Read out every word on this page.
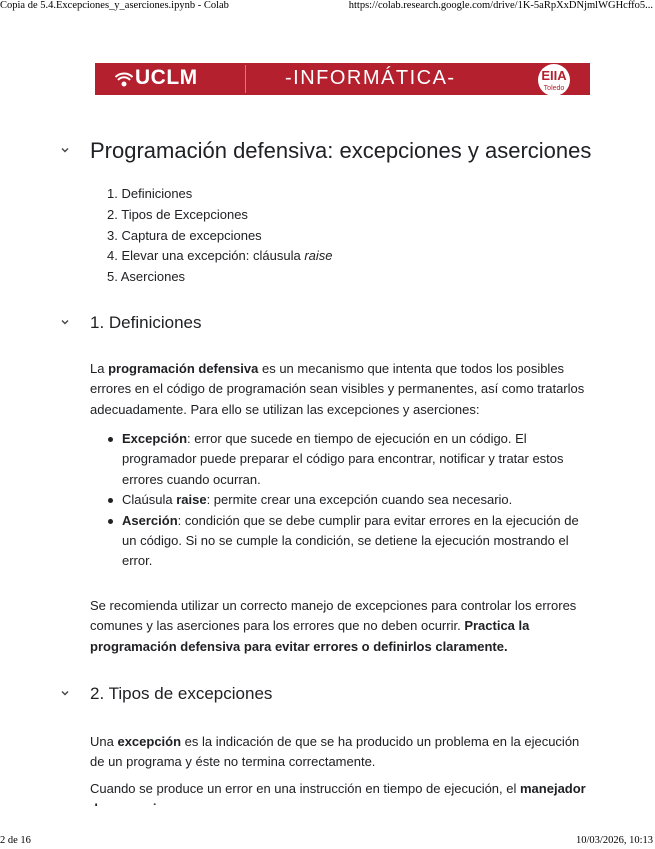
Copia de 5.4.Excepciones_y_aserciones.ipynb - Colab	https://colab.research.google.com/drive/1K-5aRpXxDNjmlWGHcffo5...
UCLM	-INFORMÁTICA-	EIIA
Toledo
Programación defensiva: excepciones y aserciones
1. Definiciones
2. Tipos de Excepciones
3. Captura de excepciones
4. Elevar una excepción: cláusula raise
5. Aserciones
1. Definiciones

La programación defensiva es un mecanismo que intenta que todos los posibles errores en el código de programación sean visibles y permanentes, así como tratarlos adecuadamente. Para ello se utilizan las excepciones y aserciones:

Excepción: error que sucede en tiempo de ejecución en un código. El programador puede preparar el código para encontrar, notificar y tratar estos errores cuando ocurran.
Claúsula raise: permite crear una excepción cuando sea necesario.
Aserción: condición que se debe cumplir para evitar errores en la ejecución de un código. Si no se cumple la condición, se detiene la ejecución mostrando el error.

Se recomienda utilizar un correcto manejo de excepciones para controlar los errores comunes y las aserciones para los errores que no deben ocurrir. Practica la programación defensiva para evitar errores o definirlos claramente.

2. Tipos de excepciones

Una excepción es la indicación de que se ha producido un problema en la ejecución de un programa y éste no termina correctamente.

Cuando se produce un error en una instrucción en tiempo de ejecución, el manejador

2 de 16	10/03/2026, 10:13
